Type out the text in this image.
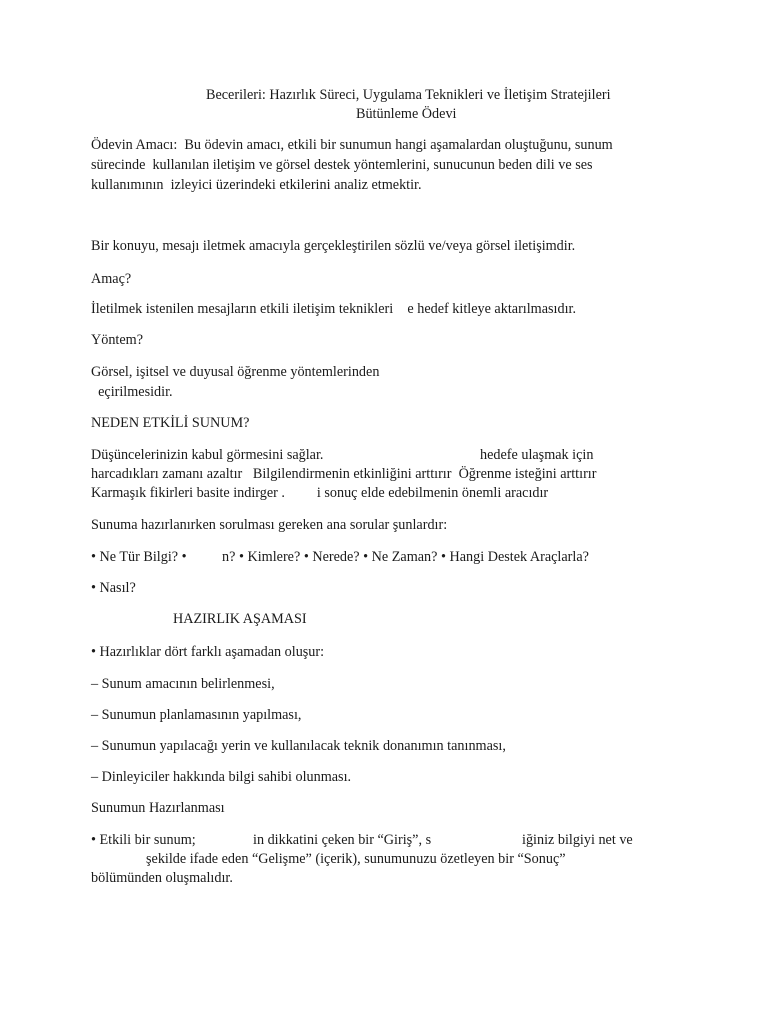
Becerileri: Hazırlık Süreci, Uygulama Teknikleri ve İletişim Stratejileri

Bütünleme Ödevi

Ödevin Amacı:  Bu ödevin amacı, etkili bir sunumun hangi aşamalardan oluştuğunu, sunum

sürecinde  kullanılan iletişim ve görsel destek yöntemlerini, sunucunun beden dili ve ses

kullanımının  izleyici üzerindeki etkilerini analiz etmektir.

Bir konuyu, mesajı iletmek amacıyla gerçekleştirilen sözlü ve/veya görsel iletişimdir.

Amaç?

İletilmek istenilen mesajların etkili iletişim teknikleri    e hedef kitleye aktarılmasıdır.

Yöntem?

Görsel, işitsel ve duyusal öğrenme yöntemlerinden

eçirilmesidir.

NEDEN ETKİLİ SUNUM?

Düşüncelerinizin kabul görmesini sağlar.	hedefe ulaşmak için

harcadıkları zamanı azaltır   Bilgilendirmenin etkinliğini arttırır  Öğrenme isteğini arttırır

Karmaşık fikirleri basite indirger .         i sonuç elde edebilmenin önemli aracıdır

Sunuma hazırlanırken sorulması gereken ana sorular şunlardır:

• Ne Tür Bilgi? •          n? • Kimlere? • Nerede? • Ne Zaman? • Hangi Destek Araçlarla?

• Nasıl?

HAZIRLIK AŞAMASI

• Hazırlıklar dört farklı aşamadan oluşur:

– Sunum amacının belirlenmesi,

– Sunumun planlamasının yapılması,

– Sunumun yapılacağı yerin ve kullanılacak teknik donanımın tanınması,

– Dinleyiciler hakkında bilgi sahibi olunması.

Sunumun Hazırlanması

• Etkili bir sunum;	in dikkatini çeken bir “Giriş”, s	iğiniz bilgiyi net ve

şekilde ifade eden “Gelişme” (içerik), sunumunuzu özetleyen bir “Sonuç”

bölümünden oluşmalıdır.
